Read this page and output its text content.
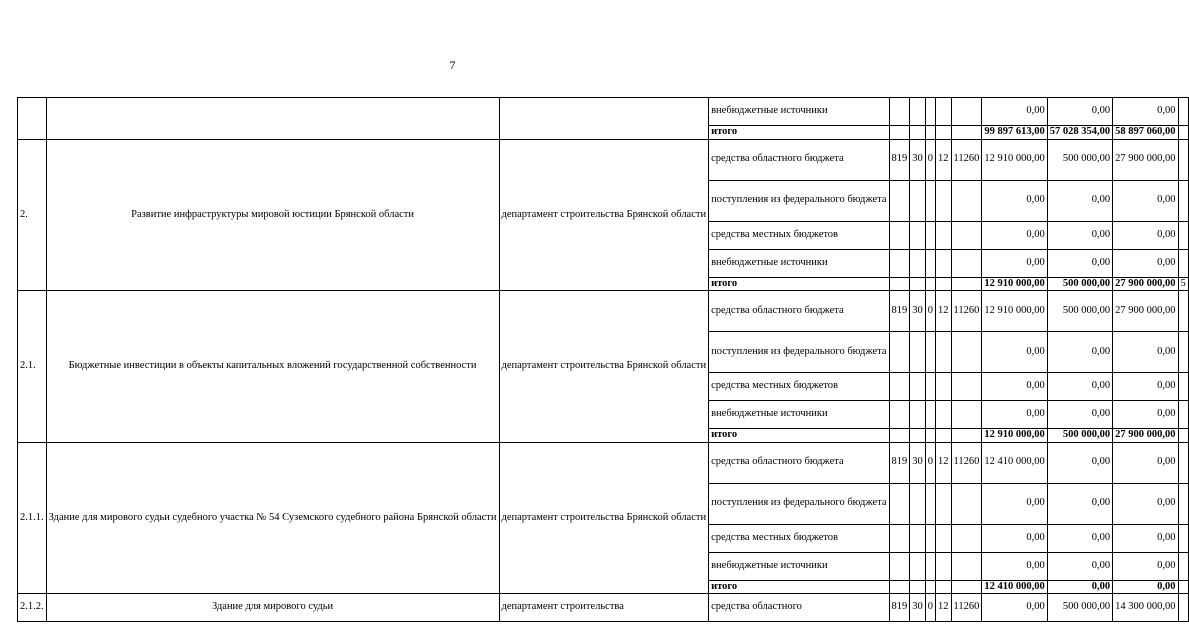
7
			внебюджетные источники						0,00	0,00	0,00	
			итого						99 897 613,00	57 028 354,00	58 897 060,00	
2.	Развитие инфраструктуры мировой юстиции Брянской области	департамент строительства Брянской области	средства областного бюджета	819	30	0	12	11260	12 910 000,00	500 000,00	27 900 000,00	
			поступления из федерального бюджета						0,00	0,00	0,00	
			средства местных бюджетов						0,00	0,00	0,00	
			внебюджетные источники						0,00	0,00	0,00	
			итого						12 910 000,00	500 000,00	27 900 000,00	5
2.1.	Бюджетные инвестиции в объекты капитальных вложений государственной собственности	департамент строительства Брянской области	средства областного бюджета	819	30	0	12	11260	12 910 000,00	500 000,00	27 900 000,00	
			поступления из федерального бюджета						0,00	0,00	0,00	
			средства местных бюджетов						0,00	0,00	0,00	
			внебюджетные источники						0,00	0,00	0,00	
			итого						12 910 000,00	500 000,00	27 900 000,00	
2.1.1.	Здание для мирового судьи судебного участка № 54 Суземского судебного района Брянской области	департамент строительства Брянской области	средства областного бюджета	819	30	0	12	11260	12 410 000,00	0,00	0,00	
			поступления из федерального бюджета						0,00	0,00	0,00	
			средства местных бюджетов						0,00	0,00	0,00	
			внебюджетные источники						0,00	0,00	0,00	
			итого						12 410 000,00	0,00	0,00	
2.1.2.	Здание для мирового судьи	департамент строительства	средства областного	819	30	0	12	11260	0,00	500 000,00	14 300 000,00	
